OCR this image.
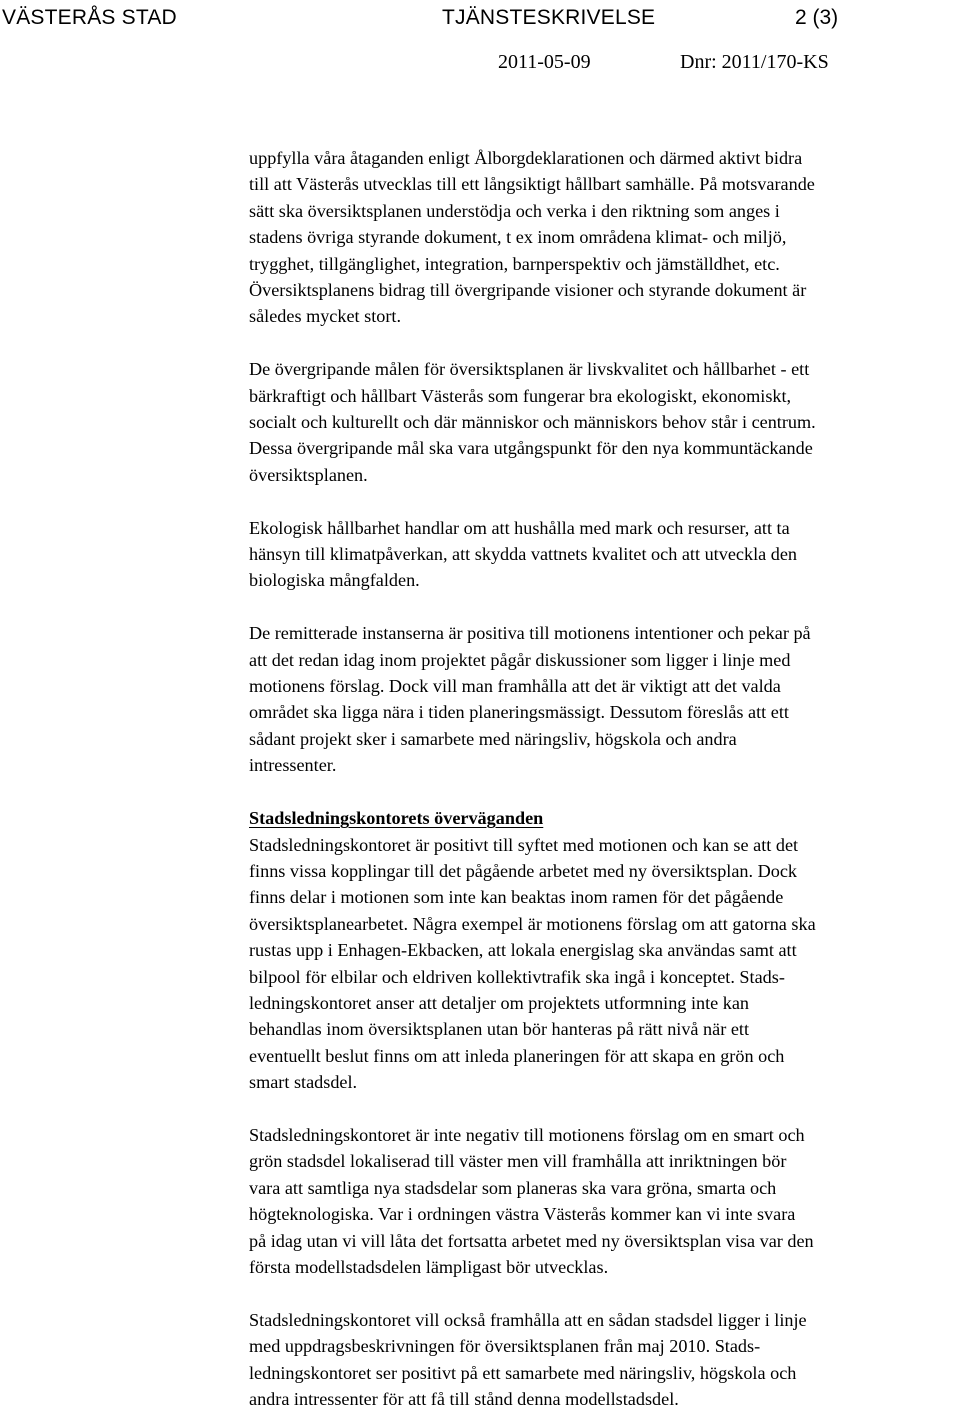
VÄSTERÅS STAD	TJÄNSTESKRIVELSE	2 (3)
2011-05-09	Dnr: 2011/170-KS

uppfylla våra åtaganden enligt Ålborgdeklarationen och därmed aktivt bidra
till att Västerås utvecklas till ett långsiktigt hållbart samhälle. På motsvarande
sätt ska översiktsplanen understödja och verka i den riktning som anges i
stadens övriga styrande dokument, t ex inom områdena klimat- och miljö,
trygghet, tillgänglighet, integration, barnperspektiv och jämställdhet, etc.
Översiktsplanens bidrag till övergripande visioner och styrande dokument är
således mycket stort.

De övergripande målen för översiktsplanen är livskvalitet och hållbarhet - ett
bärkraftigt och hållbart Västerås som fungerar bra ekologiskt, ekonomiskt,
socialt och kulturellt och där människor och människors behov står i centrum.
Dessa övergripande mål ska vara utgångspunkt för den nya kommuntäckande
översiktsplanen.

Ekologisk hållbarhet handlar om att hushålla med mark och resurser, att ta
hänsyn till klimatpåverkan, att skydda vattnets kvalitet och att utveckla den
biologiska mångfalden.

De remitterade instanserna är positiva till motionens intentioner och pekar på
att det redan idag inom projektet pågår diskussioner som ligger i linje med
motionens förslag. Dock vill man framhålla att det är viktigt att det valda
området ska ligga nära i tiden planeringsmässigt. Dessutom föreslås att ett
sådant projekt sker i samarbete med näringsliv, högskola och andra
intressenter.

Stadsledningskontorets överväganden

Stadsledningskontoret är positivt till syftet med motionen och kan se att det
finns vissa kopplingar till det pågående arbetet med ny översiktsplan. Dock
finns delar i motionen som inte kan beaktas inom ramen för det pågående
översiktsplanearbetet. Några exempel är motionens förslag om att gatorna ska
rustas upp i Enhagen-Ekbacken, att lokala energislag ska användas samt att
bilpool för elbilar och eldriven kollektivtrafik ska ingå i konceptet. Stads-
ledningskontoret anser att detaljer om projektets utformning inte kan
behandlas inom översiktsplanen utan bör hanteras på rätt nivå när ett
eventuellt beslut finns om att inleda planeringen för att skapa en grön och
smart stadsdel.

Stadsledningskontoret är inte negativ till motionens förslag om en smart och
grön stadsdel lokaliserad till väster men vill framhålla att inriktningen bör
vara att samtliga nya stadsdelar som planeras ska vara gröna, smarta och
högteknologiska. Var i ordningen västra Västerås kommer kan vi inte svara
på idag utan vi vill låta det fortsatta arbetet med ny översiktsplan visa var den
första modellstadsdelen lämpligast bör utvecklas.

Stadsledningskontoret vill också framhålla att en sådan stadsdel ligger i linje
med uppdragsbeskrivningen för översiktsplanen från maj 2010. Stads-
ledningskontoret ser positivt på ett samarbete med näringsliv, högskola och
andra intressenter för att få till stånd denna modellstadsdel.
